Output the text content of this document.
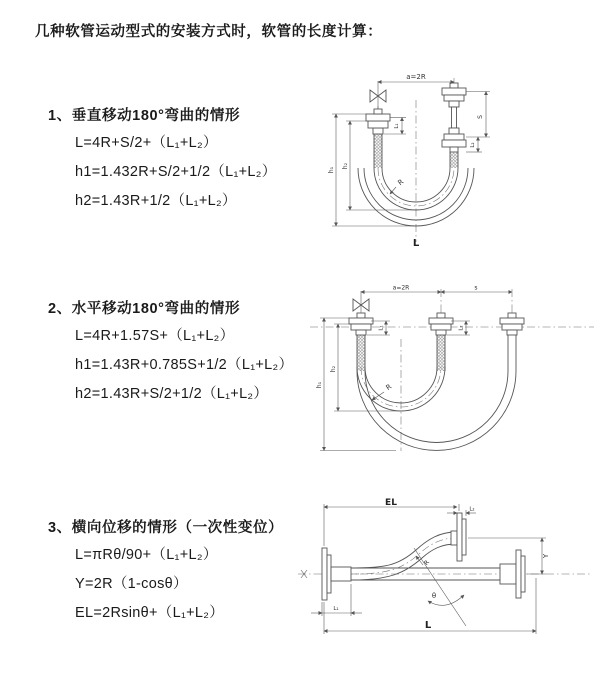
几种软管运动型式的安装方式时，软管的长度计算：
1、垂直移动180°弯曲的情形
L=4R+S/2+（L₁+L₂）
h1=1.432R+S/2+1/2（L₁+L₂）
h2=1.43R+1/2（L₁+L₂）
a=2R
S
L₂
L₁
h₁
h₂
R
L
2、水平移动180°弯曲的情形
L=4R+1.57S+（L₁+L₂）
h1=1.43R+0.785S+1/2（L₁+L₂）
h2=1.43R+S/2+1/2（L₁+L₂）
a=2R	s
L₁	L₂
h₁
h₂
R
3、横向位移的情形（一次性变位）
L=πRθ/90+（L₁+L₂）
Y=2R（1-cosθ）
EL=2Rsinθ+（L₁+L₂）
EL
L₂
Y
θ
R
L₁
L
